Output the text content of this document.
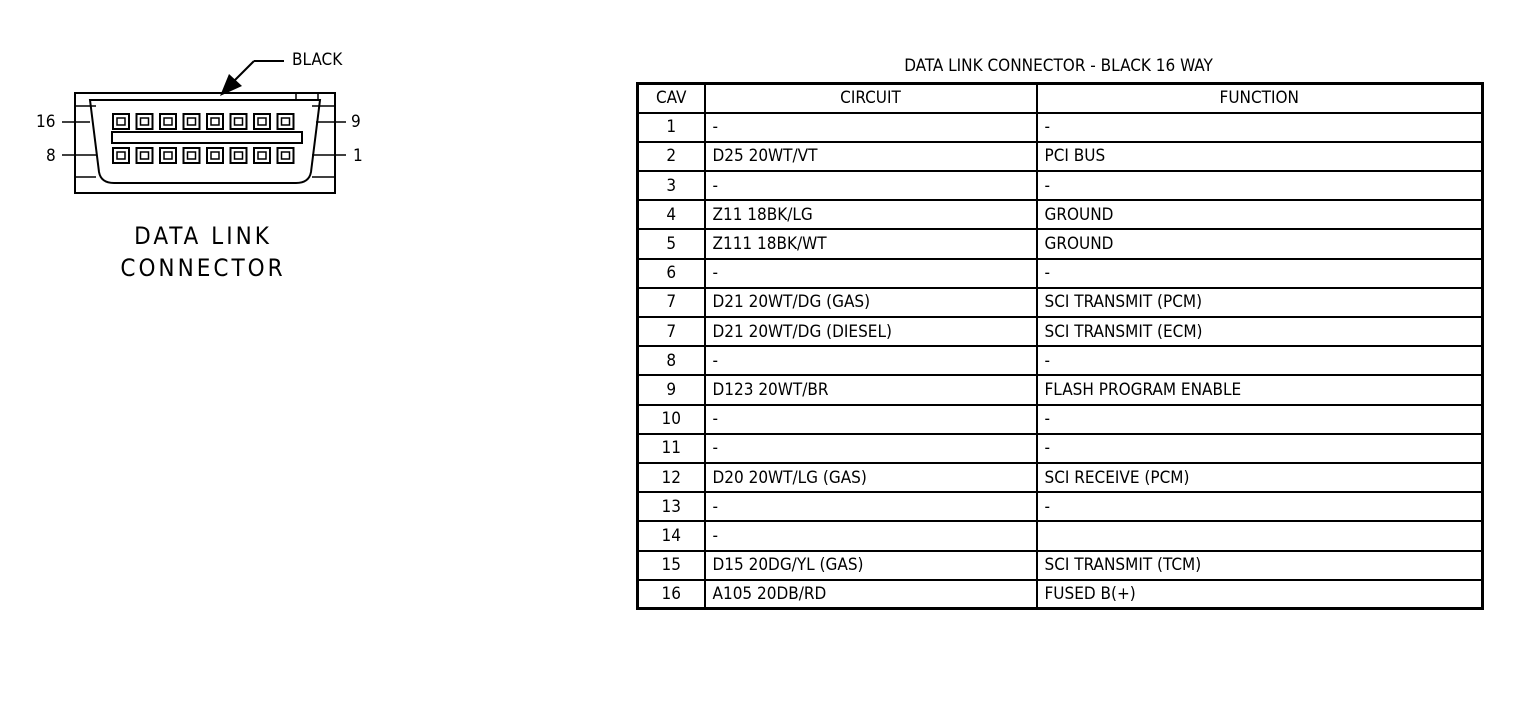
BLACK
16
8
9
1
DATA LINK
CONNECTOR
DATA LINK CONNECTOR - BLACK 16 WAY
CAV	CIRCUIT	FUNCTION
1	-	-
2	D25 20WT/VT	PCI BUS
3	-	-
4	Z11 18BK/LG	GROUND
5	Z111 18BK/WT	GROUND
6	-	-
7	D21 20WT/DG (GAS)	SCI TRANSMIT (PCM)
7	D21 20WT/DG (DIESEL)	SCI TRANSMIT (ECM)
8	-	-
9	D123 20WT/BR	FLASH PROGRAM ENABLE
10	-	-
11	-	-
12	D20 20WT/LG (GAS)	SCI RECEIVE (PCM)
13	-	-
14	-	
15	D15 20DG/YL (GAS)	SCI TRANSMIT (TCM)
16	A105 20DB/RD	FUSED B(+)
